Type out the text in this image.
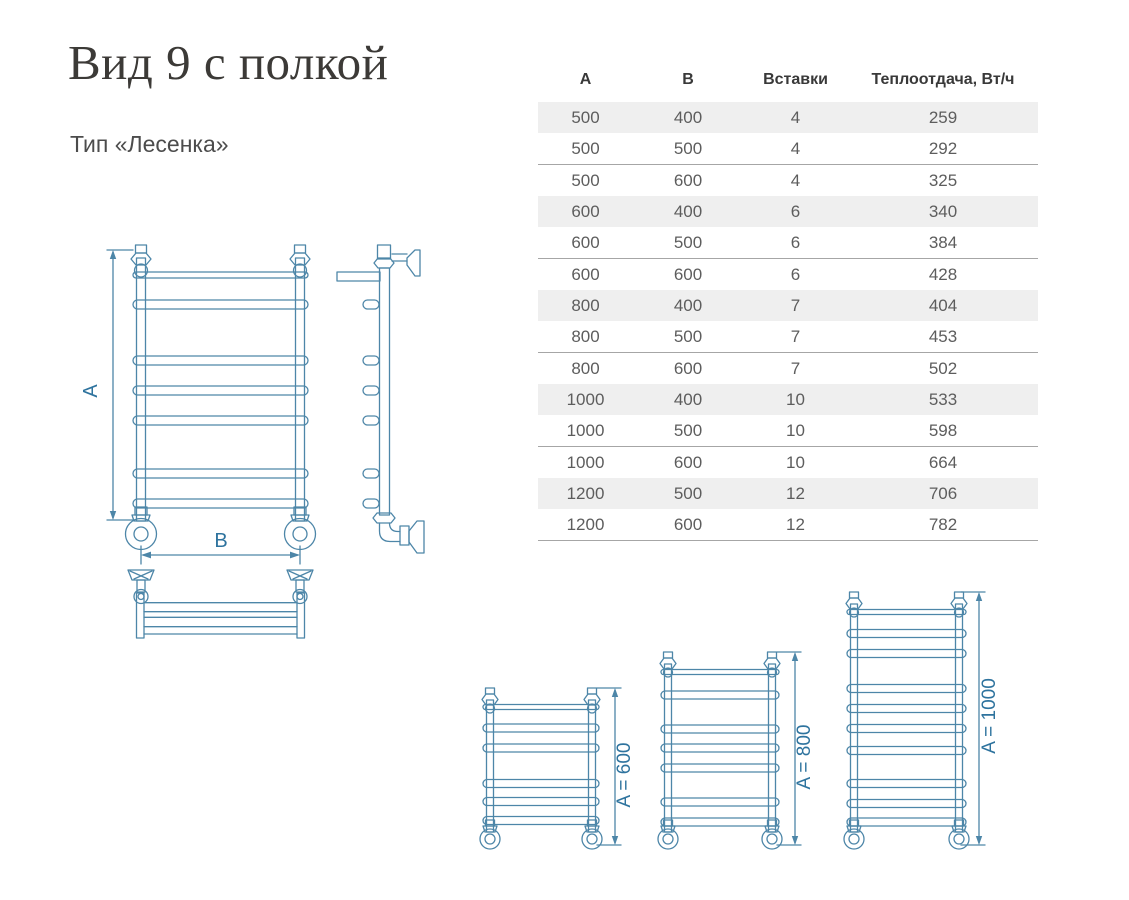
Вид 9 с полкой
Тип «Лесенка»
А	В	Вставки	Теплоотдача, Вт/ч
500	400	4	259
500	500	4	292
500	600	4	325
600	400	6	340
600	500	6	384
600	600	6	428
800	400	7	404
800	500	7	453
800	600	7	502
1000	400	10	533
1000	500	10	598
1000	600	10	664
1200	500	12	706
1200	600	12	782
А
B
A = 600	A = 800
A = 1000
